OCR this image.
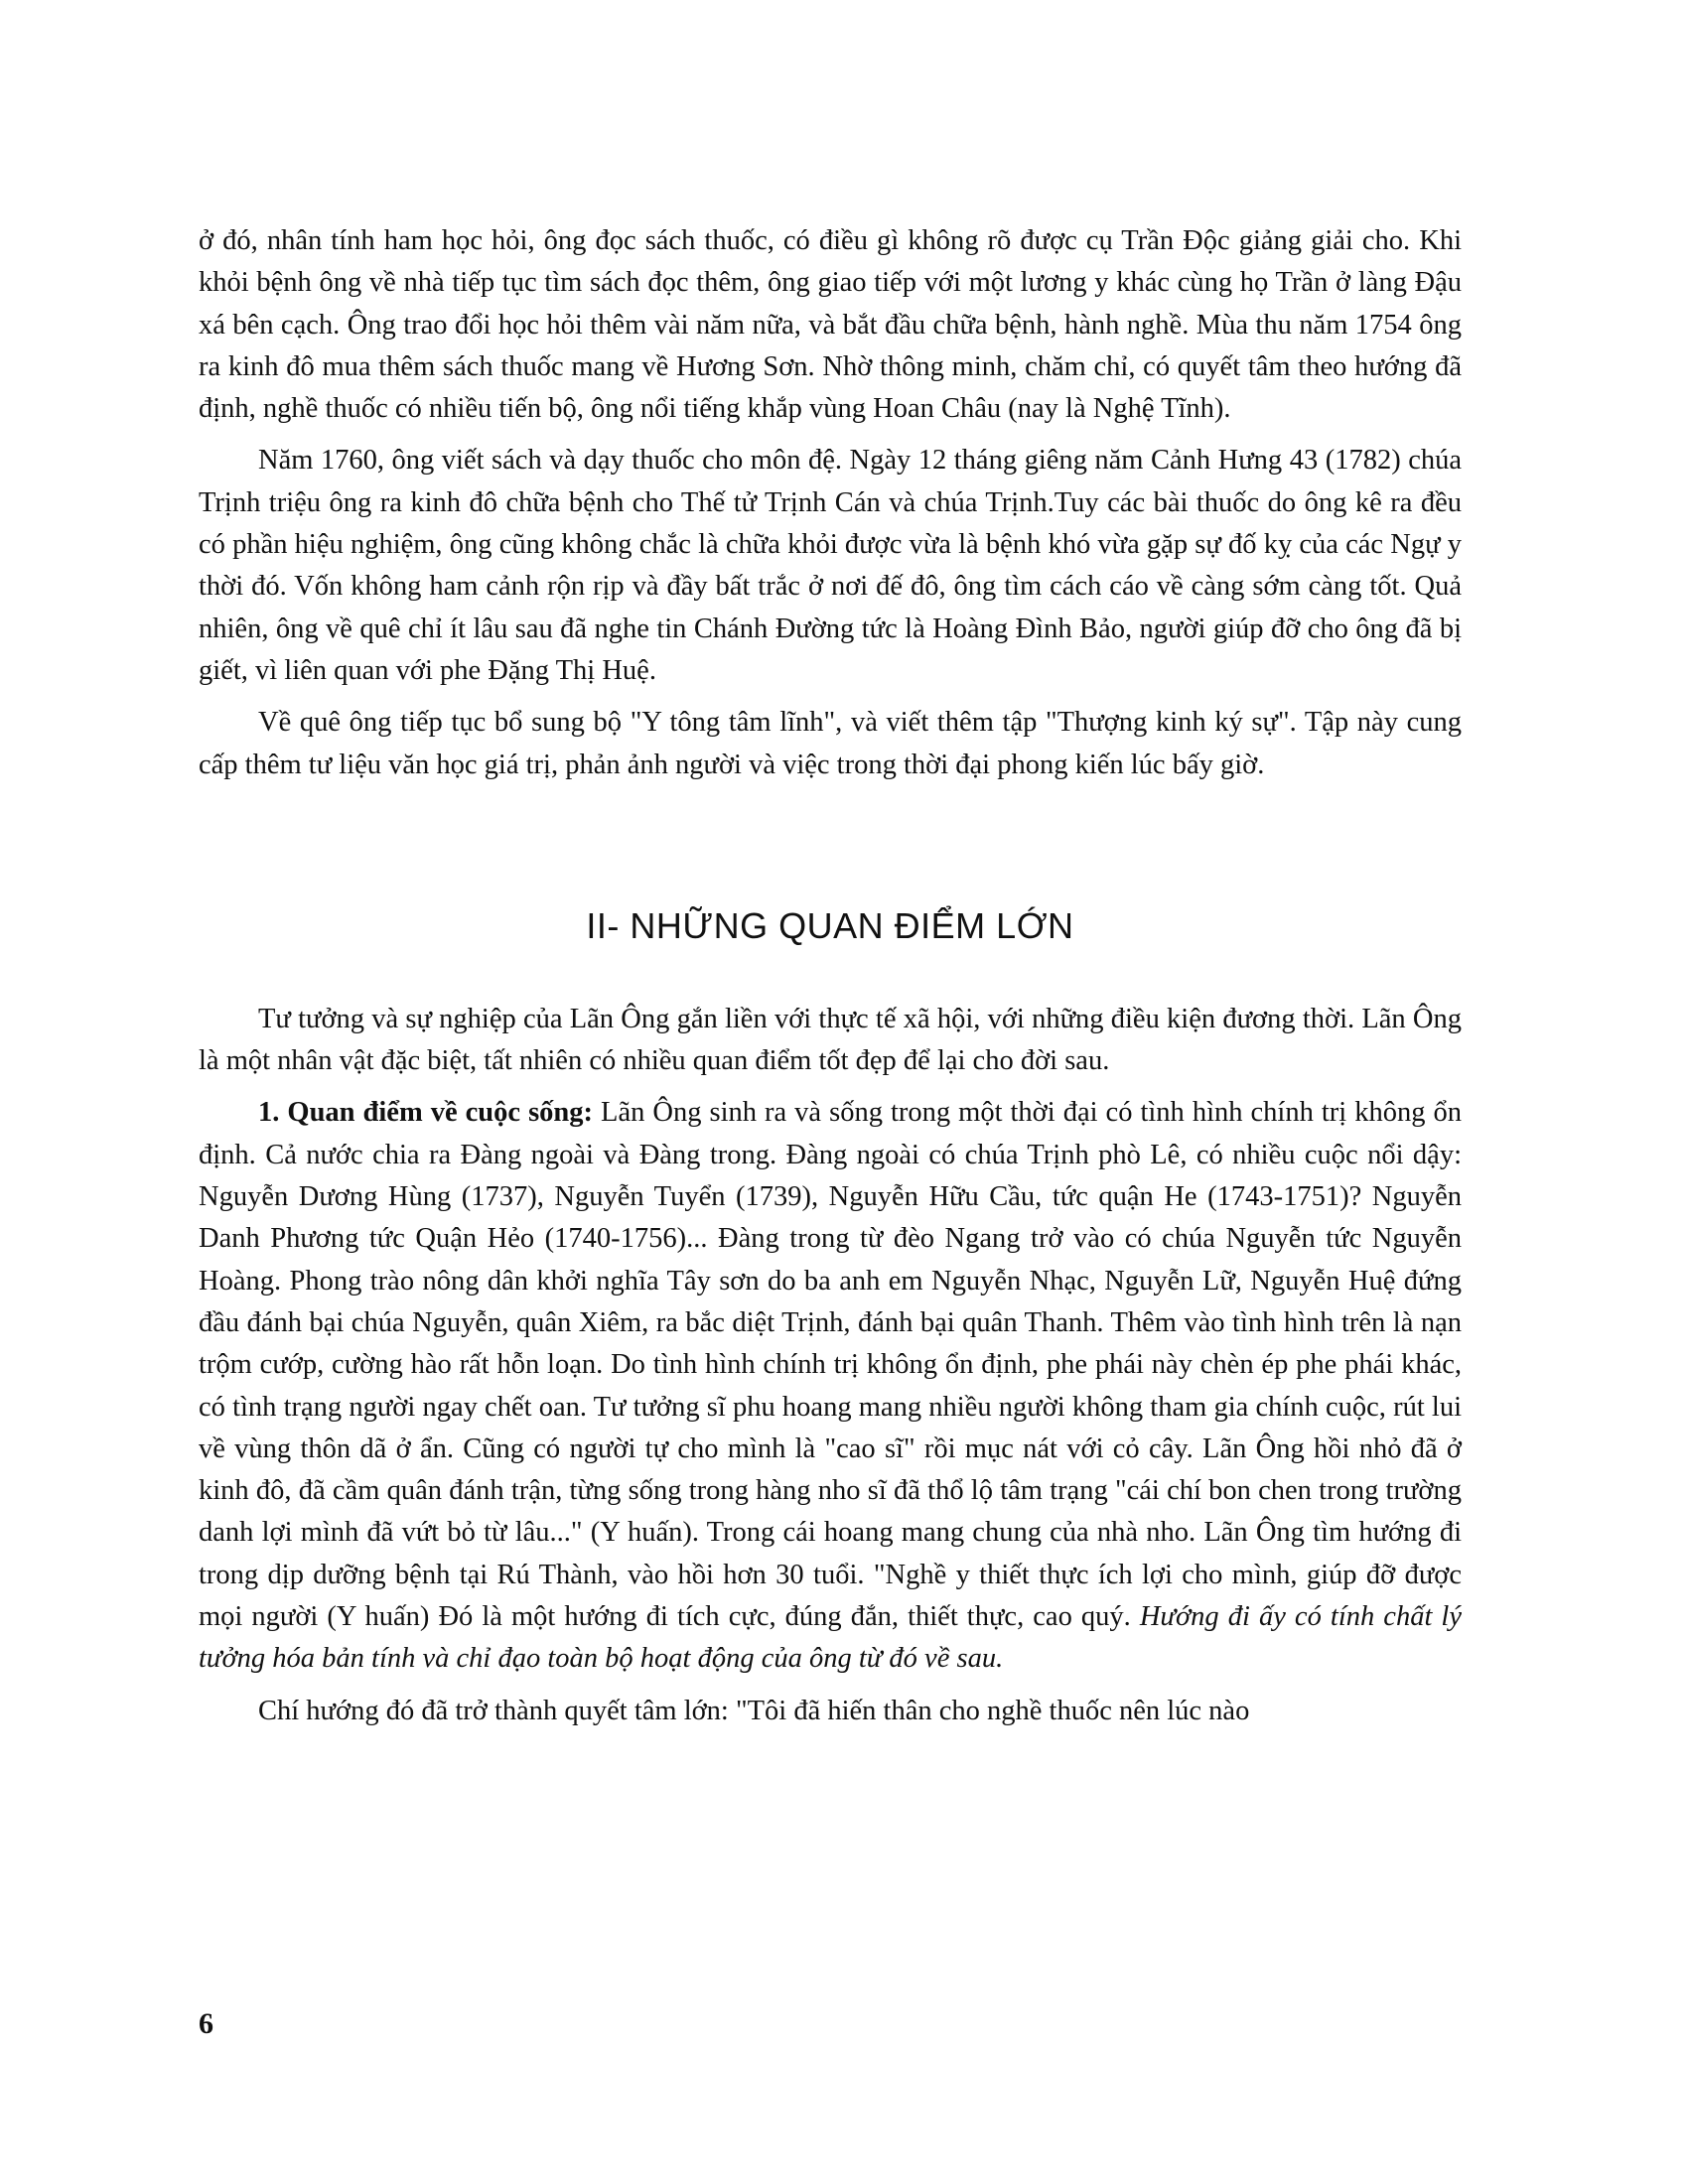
ở đó, nhân tính ham học hỏi, ông đọc sách thuốc, có điều gì không rõ được cụ Trần Độc giảng giải cho. Khi khỏi bệnh ông về nhà tiếp tục tìm sách đọc thêm, ông giao tiếp với một lương y khác cùng họ Trần ở làng Đậu xá bên cạch. Ông trao đổi học hỏi thêm vài năm nữa, và bắt đầu chữa bệnh, hành nghề. Mùa thu năm 1754 ông ra kinh đô mua thêm sách thuốc mang về Hương Sơn. Nhờ thông minh, chăm chỉ, có quyết tâm theo hướng đã định, nghề thuốc có nhiều tiến bộ, ông nổi tiếng khắp vùng Hoan Châu (nay là Nghệ Tĩnh).

Năm 1760, ông viết sách và dạy thuốc cho môn đệ. Ngày 12 tháng giêng năm Cảnh Hưng 43 (1782) chúa Trịnh triệu ông ra kinh đô chữa bệnh cho Thế tử Trịnh Cán và chúa Trịnh.Tuy các bài thuốc do ông kê ra đều có phần hiệu nghiệm, ông cũng không chắc là chữa khỏi được vừa là bệnh khó vừa gặp sự đố kỵ của các Ngự y thời đó. Vốn không ham cảnh rộn rịp và đầy bất trắc ở nơi đế đô, ông tìm cách cáo về càng sớm càng tốt. Quả nhiên, ông về quê chỉ ít lâu sau đã nghe tin Chánh Đường tức là Hoàng Đình Bảo, người giúp đỡ cho ông đã bị giết, vì liên quan với phe Đặng Thị Huệ.

Về quê ông tiếp tục bổ sung bộ "Y tông tâm lĩnh", và viết thêm tập "Thượng kinh ký sự". Tập này cung cấp thêm tư liệu văn học giá trị, phản ảnh người và việc trong thời đại phong kiến lúc bấy giờ.

II- NHỮNG QUAN ĐIỂM LỚN

Tư tưởng và sự nghiệp của Lãn Ông gắn liền với thực tế xã hội, với những điều kiện đương thời. Lãn Ông là một nhân vật đặc biệt, tất nhiên có nhiều quan điểm tốt đẹp để lại cho đời sau.

1. Quan điểm về cuộc sống: Lãn Ông sinh ra và sống trong một thời đại có tình hình chính trị không ổn định. Cả nước chia ra Đàng ngoài và Đàng trong. Đàng ngoài có chúa Trịnh phò Lê, có nhiều cuộc nổi dậy: Nguyễn Dương Hùng (1737), Nguyễn Tuyển (1739), Nguyễn Hữu Cầu, tức quận He (1743-1751)? Nguyễn Danh Phương tức Quận Hẻo (1740-1756)... Đàng trong từ đèo Ngang trở vào có chúa Nguyễn tức Nguyễn Hoàng. Phong trào nông dân khởi nghĩa Tây sơn do ba anh em Nguyễn Nhạc, Nguyễn Lữ, Nguyễn Huệ đứng đầu đánh bại chúa Nguyễn, quân Xiêm, ra bắc diệt Trịnh, đánh bại quân Thanh. Thêm vào tình hình trên là nạn trộm cướp, cường hào rất hỗn loạn. Do tình hình chính trị không ổn định, phe phái này chèn ép phe phái khác, có tình trạng người ngay chết oan. Tư tưởng sĩ phu hoang mang nhiều người không tham gia chính cuộc, rút lui về vùng thôn dã ở ẩn. Cũng có người tự cho mình là "cao sĩ" rồi mục nát với cỏ cây. Lãn Ông hồi nhỏ đã ở kinh đô, đã cầm quân đánh trận, từng sống trong hàng nho sĩ đã thổ lộ tâm trạng "cái chí bon chen trong trường danh lợi mình đã vứt bỏ từ lâu..." (Y huấn). Trong cái hoang mang chung của nhà nho. Lãn Ông tìm hướng đi trong dịp dưỡng bệnh tại Rú Thành, vào hồi hơn 30 tuổi. "Nghề y thiết thực ích lợi cho mình, giúp đỡ được mọi người (Y huấn) Đó là một hướng đi tích cực, đúng đắn, thiết thực, cao quý. Hướng đi ấy có tính chất lý tưởng hóa bản tính và chỉ đạo toàn bộ hoạt động của ông từ đó về sau.

Chí hướng đó đã trở thành quyết tâm lớn: "Tôi đã hiến thân cho nghề thuốc nên lúc nào

6
